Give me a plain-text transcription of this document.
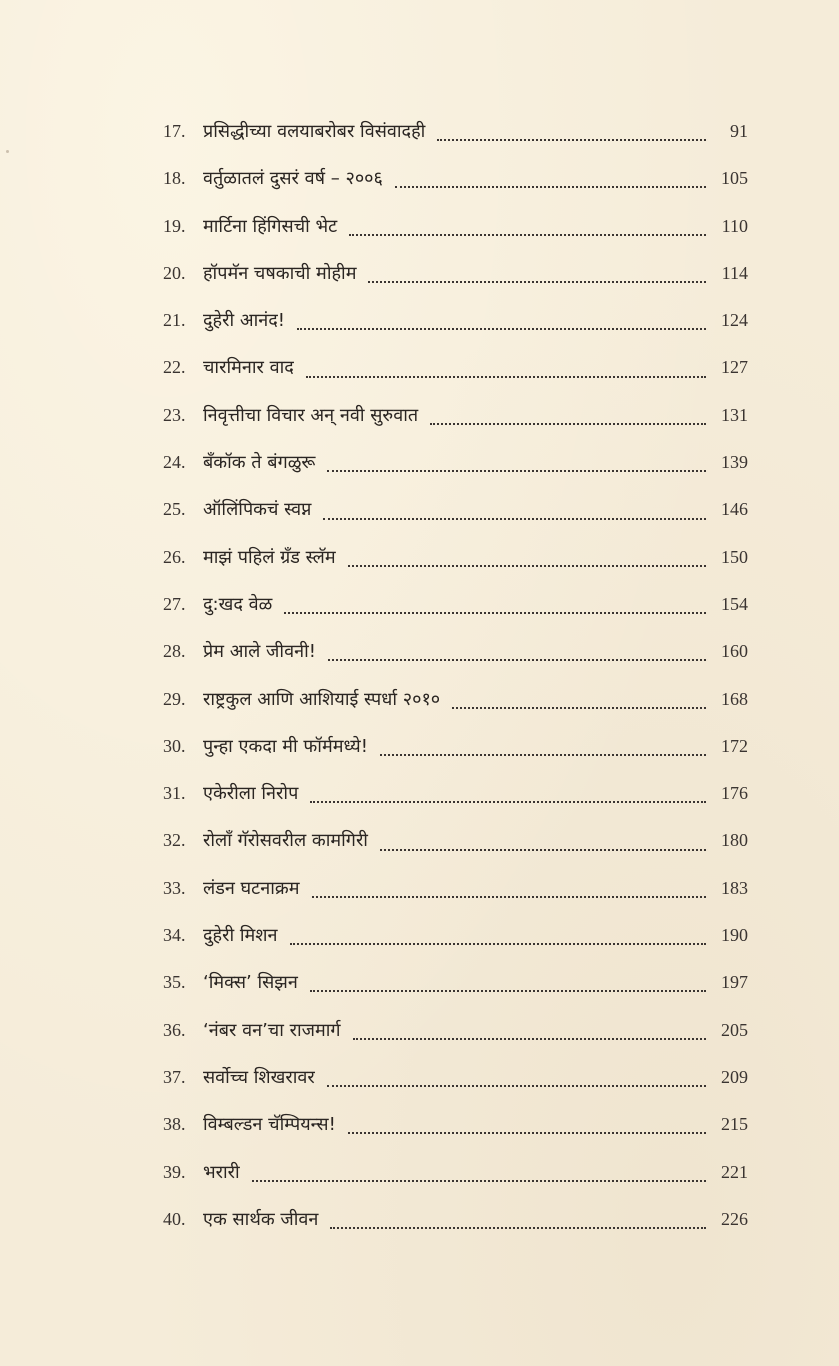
17. प्रसिद्धीच्या वलयाबरोबर विसंवादही	91
18. वर्तुळातलं दुसरं वर्ष – २००६	105
19. मार्टिना हिंगिसची भेट	110
20. हॉपमॅन चषकाची मोहीम	114
21. दुहेरी आनंद!	124
22. चारमिनार वाद	127
23. निवृत्तीचा विचार अन् नवी सुरुवात	131
24. बँकॉक ते बंगळुरू	139
25. ऑलिंपिकचं स्वप्न	146
26. माझं पहिलं ग्रँड स्लॅम	150
27. दु:खद वेळ	154
28. प्रेम आले जीवनी!	160
29. राष्ट्रकुल आणि आशियाई स्पर्धा २०१०	168
30. पुन्हा एकदा मी फॉर्ममध्ये!	172
31. एकेरीला निरोप	176
32. रोलाँ गॅरोसवरील कामगिरी	180
33. लंडन घटनाक्रम	183
34. दुहेरी मिशन	190
35. ‘मिक्स’ सिझन	197
36. ‘नंबर वन’चा राजमार्ग	205
37. सर्वोच्च शिखरावर	209
38. विम्बल्डन चॅम्पियन्स!	215
39. भरारी	221
40. एक सार्थक जीवन	226
